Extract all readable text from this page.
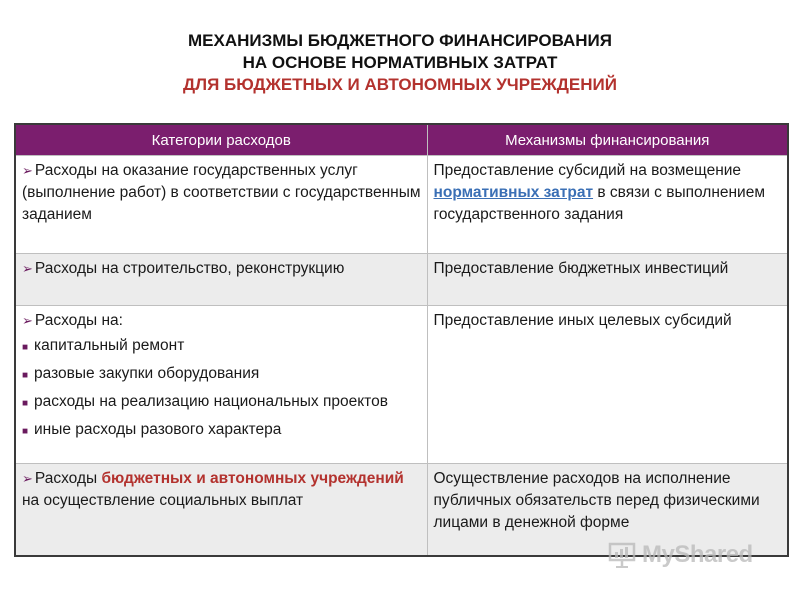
МЕХАНИЗМЫ БЮДЖЕТНОГО ФИНАНСИРОВАНИЯ
НА ОСНОВЕ НОРМАТИВНЫХ ЗАТРАТ
ДЛЯ БЮДЖЕТНЫХ И АВТОНОМНЫХ УЧРЕЖДЕНИЙ
Категории расходов	Механизмы финансирования
➢ Расходы на оказание государственных услуг (выполнение работ) в соответствии с государственным заданием	Предоставление субсидий на возмещение нормативных затрат в связи с выполнением государственного задания
➢ Расходы на строительство, реконструкцию	Предоставление бюджетных инвестиций
➢ Расходы на:
■ капитальный ремонт
■ разовые закупки оборудования
■ расходы на реализацию национальных проектов
■ иные расходы разового характера	Предоставление иных целевых субсидий
➢ Расходы бюджетных и автономных учреждений на осуществление социальных выплат	Осуществление расходов на исполнение публичных обязательств перед физическими лицами в денежной форме
MyShared
